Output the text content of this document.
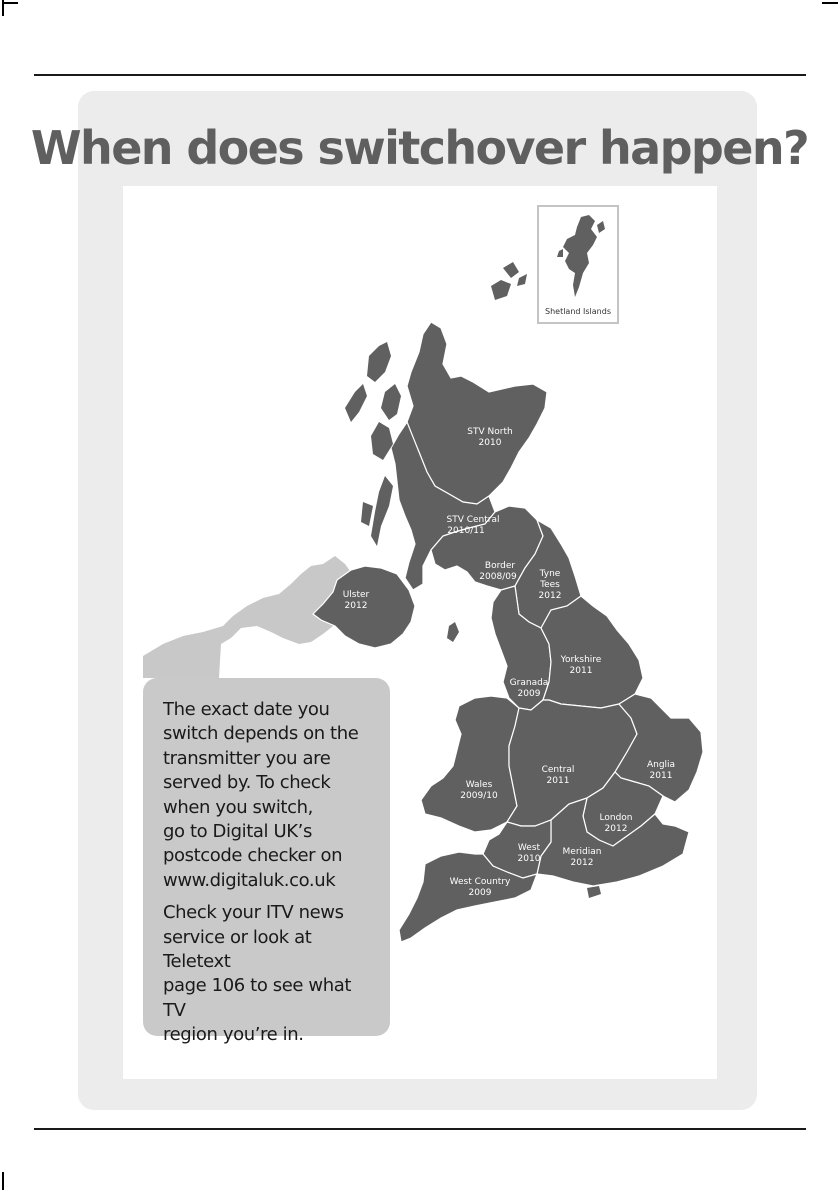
When does switchover happen?
STV North
2010
STV Central
2010/11
Border
2008/09	Tyne
Tees
2012
Ulster
2012
Yorkshire
2011
Granada
2009
Wales
2009/10
Central
2011
Anglia
2011
London
2012
West
2010
Meridian
2012
West Country
2009
Shetland Islands

The exact date you
switch depends on the
transmitter you are
served by. To check
when you switch,
go to Digital UK’s
postcode checker on
www.digitaluk.co.uk

Check your ITV news
service or look at Teletext
page 106 to see what TV
region you’re in.
